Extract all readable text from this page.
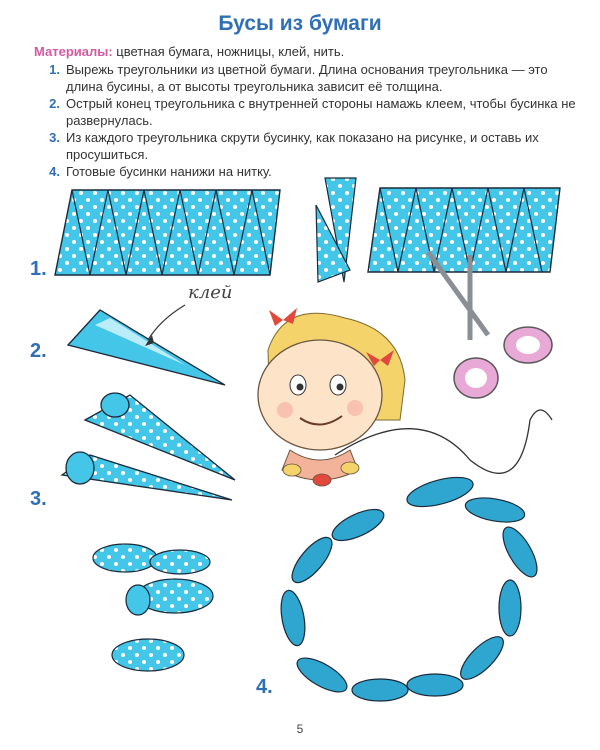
Бусы из бумаги
Материалы: цветная бумага, ножницы, клей, нить.
1. Вырежь треугольники из цветной бумаги. Длина основания треугольника — это длина бусины, а от высоты треугольника зависит её толщина.
2. Острый конец треугольника с внутренней стороны намажь клеем, чтобы бусинка не развернулась.
3. Из каждого треугольника скрути бусинку, как показано на рисунке, и оставь их просушиться.
4. Готовые бусинки нанижи на нитку.
1.
2.
3.
4.
клей
5
